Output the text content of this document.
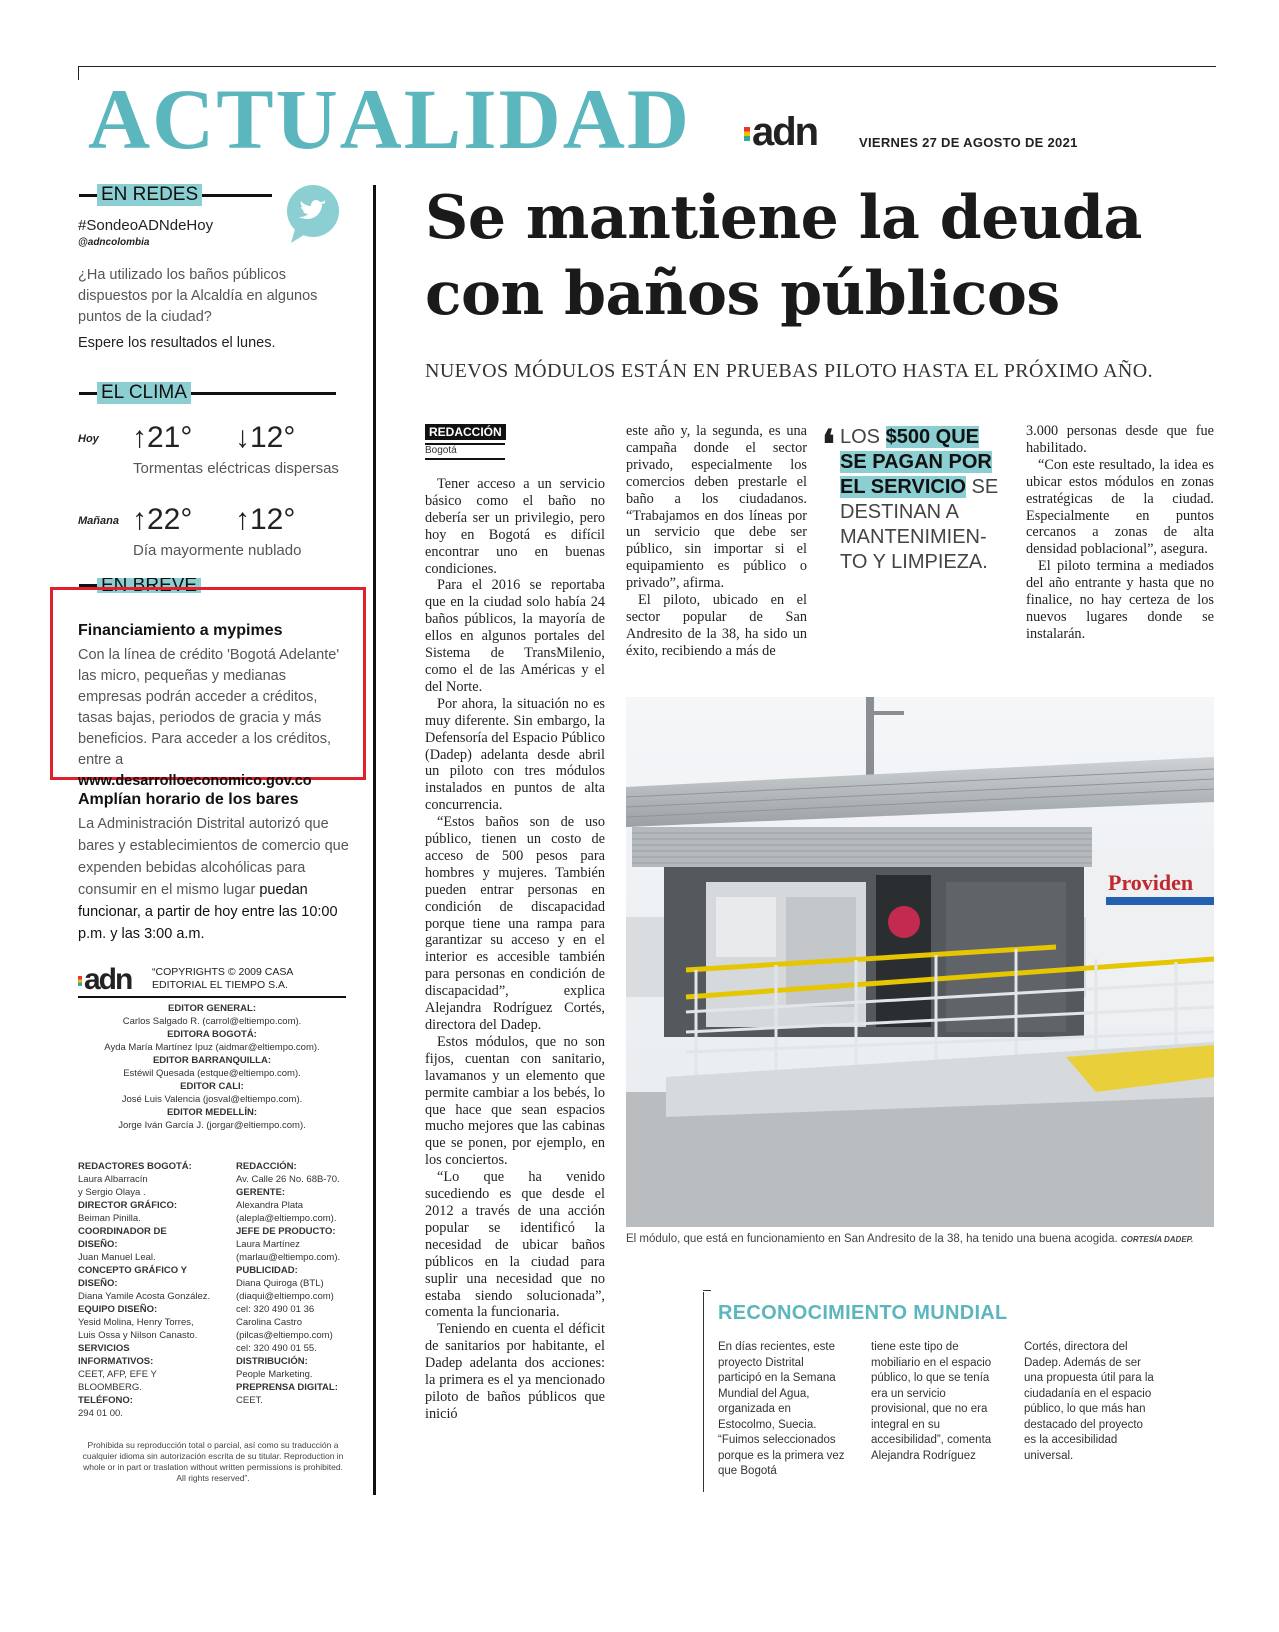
ACTUALIDAD adn	VIERNES 27 DE AGOSTO DE 2021
EN REDES
#SondeoADNdeHoy
@adncolombia
¿Ha utilizado los baños públicos dispuestos por la Alcaldía en algunos puntos de la ciudad?
Espere los resultados el lunes.
EL CLIMA
Hoy ↑21° ↓12°
Tormentas eléctricas dispersas
Mañana ↑22° ↑12°
Día mayormente nublado
EN BREVE
Financiamiento a mypimes
Con la línea de crédito 'Bogotá Adelante' las micro, pequeñas y medianas empresas podrán acceder a créditos, tasas bajas, periodos de gracia y más beneficios. Para acceder a los créditos, entre a www.desarrolloeconomico.gov.co
Amplían horario de los bares
La Administración Distrital autorizó que bares y establecimientos de comercio que expenden bebidas alcohólicas para consumir en el mismo lugar puedan funcionar, a partir de hoy entre las 10:00 p.m. y las 3:00 a.m.
adn “COPYRIGHTS © 2009 CASA EDITORIAL EL TIEMPO S.A.
EDITOR GENERAL:
Carlos Salgado R. (carrol@eltiempo.com).
EDITORA BOGOTÁ:
Ayda María Martínez Ipuz (aidmar@eltiempo.com).
EDITOR BARRANQUILLA:
Estéwil Quesada (estque@eltiempo.com).
EDITOR CALI:
José Luis Valencia (josval@eltiempo.com).
EDITOR MEDELLÍN:
Jorge Iván García J. (jorgar@eltiempo.com).
REDACTORES BOGOTÁ:
Laura Albarracín
y Sergio Olaya .
DIRECTOR GRÁFICO:
Beiman Pinilla.
COORDINADOR DE DISEÑO:
Juan Manuel Leal.
CONCEPTO GRÁFICO Y DISEÑO:
Diana Yamile Acosta González.
EQUIPO DISEÑO:
Yesid Molina, Henry Torres,
Luis Ossa y Nilson Canasto.
SERVICIOS INFORMATIVOS:
CEET, AFP, EFE Y BLOOMBERG.
TELÉFONO:
294 01 00.
REDACCIÓN:
Av. Calle 26 No. 68B-70.
GERENTE:
Alexandra Plata
(alepla@eltiempo.com).
JEFE DE PRODUCTO:
Laura Martínez
(marlau@eltiempo.com).
PUBLICIDAD:
Diana Quiroga (BTL)
(diaqui@eltiempo.com)
cel: 320 490 01 36
Carolina Castro
(pilcas@eltiempo.com)
cel: 320 490 01 55.
DISTRIBUCIÓN:
People Marketing.
PREPRENSA DIGITAL:
CEET.
Prohibida su reproducción total o parcial, así como su traducción a cualquier idioma sin autorización escrita de su titular. Reproduction in whole or in part or traslation without written permissions is prohibited. All rights reserved”.
Se mantiene la deuda
con baños públicos
NUEVOS MÓDULOS ESTÁN EN PRUEBAS PILOTO HASTA EL PRÓXIMO AÑO.
REDACCIÓN
Bogotá

Tener acceso a un servicio básico como el baño no debería ser un privilegio, pero hoy en Bogotá es difícil encontrar uno en buenas condiciones.

Para el 2016 se reportaba que en la ciudad solo había 24 baños públicos, la mayoría de ellos en algunos portales del Sistema de TransMilenio, como el de las Américas y el del Norte.

Por ahora, la situación no es muy diferente. Sin embargo, la Defensoría del Espacio Público (Dadep) adelanta desde abril un piloto con tres módulos instalados en puntos de alta concurrencia.

“Estos baños son de uso público, tienen un costo de acceso de 500 pesos para hombres y mujeres. También pueden entrar personas en condición de discapacidad porque tiene una rampa para garantizar su acceso y en el interior es accesible también para personas en condición de discapacidad”, explica Alejandra Rodríguez Cortés, directora del Dadep.

Estos módulos, que no son fijos, cuentan con sanitario, lavamanos y un elemento que permite cambiar a los bebés, lo que hace que sean espacios mucho mejores que las cabinas que se ponen, por ejemplo, en los conciertos.

“Lo que ha venido sucediendo es que desde el 2012 a través de una acción popular se identificó la necesidad de ubicar baños públicos en la ciudad para suplir una necesidad que no estaba siendo solucionada”, comenta la funcionaria.

Teniendo en cuenta el déficit de sanitarios por habitante, el Dadep adelanta dos acciones: la primera es el ya mencionado piloto de baños públicos que inició

este año y, la segunda, es una campaña donde el sector privado, especialmente los comercios deben prestarle el baño a los ciudadanos. “Trabajamos en dos líneas por un servicio que debe ser público, sin importar si el equipamiento es público o privado”, afirma.

El piloto, ubicado en el sector popular de San Andresito de la 38, ha sido un éxito, recibiendo a más de

❛ LOS $500 QUE SE PAGAN POR EL SERVICIO SE DESTINAN A MANTENIMIEN-TO Y LIMPIEZA.

3.000 personas desde que fue habilitado.

“Con este resultado, la idea es ubicar estos módulos en zonas estratégicas de la ciudad. Especialmente en puntos cercanos a zonas de alta densidad poblacional”, asegura.

El piloto termina a mediados del año entrante y hasta que no finalice, no hay certeza de los nuevos lugares donde se instalarán.

Providen
El módulo, que está en funcionamiento en San Andresito de la 38, ha tenido una buena acogida. CORTESÍA DADEP.
RECONOCIMIENTO MUNDIAL
En días recientes, este proyecto Distrital participó en la Semana Mundial del Agua, organizada en Estocolmo, Suecia. “Fuimos seleccionados porque es la primera vez que Bogotá
tiene este tipo de mobiliario en el espacio público, lo que se tenía era un servicio provisional, que no era integral en su accesibilidad”, comenta Alejandra Rodríguez
Cortés, directora del Dadep. Además de ser una propuesta útil para la ciudadanía en el espacio público, lo que más han destacado del proyecto es la accesibilidad universal.
